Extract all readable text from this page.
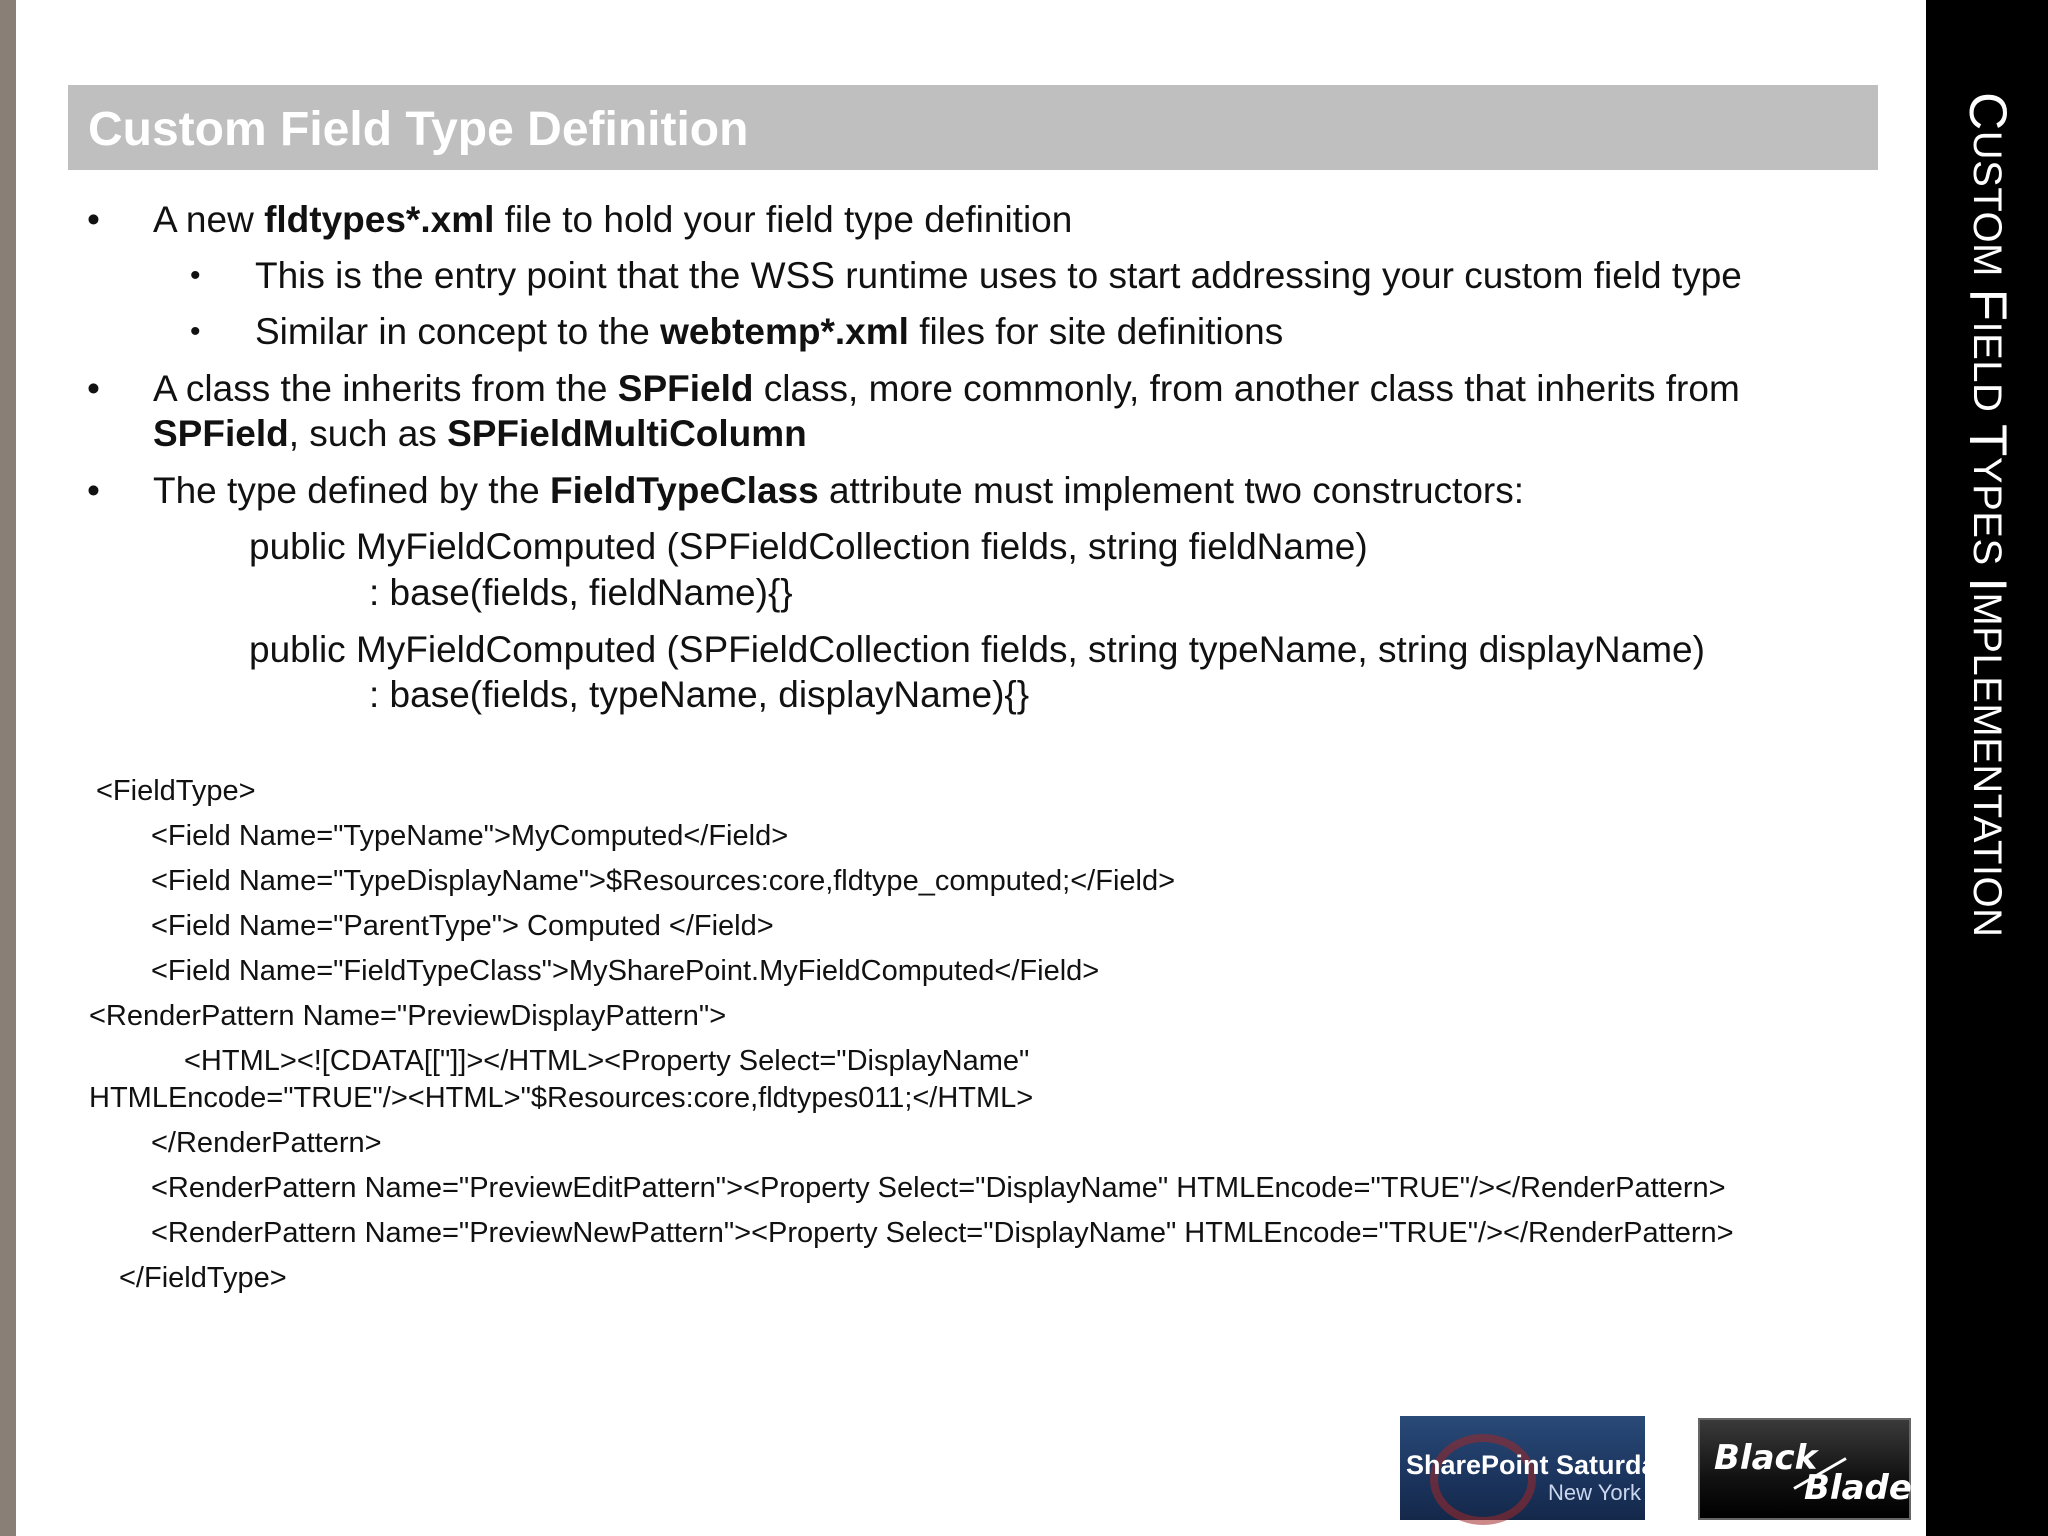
Custom Field Type Definition	CUSTOM FIELD TYPES IMPLEMENTATION
• A new fldtypes*.xml file to hold your field type definition
• This is the entry point that the WSS runtime uses to start addressing your custom field type
• Similar in concept to the webtemp*.xml files for site definitions
• A class the inherits from the SPField class, more commonly, from another class that inherits from
SPField, such as SPFieldMultiColumn
• The type defined by the FieldTypeClass attribute must implement two constructors:
public MyFieldComputed (SPFieldCollection fields, string fieldName)
: base(fields, fieldName){}
public MyFieldComputed (SPFieldCollection fields, string typeName, string displayName)
: base(fields, typeName, displayName){}
<FieldType>
<Field Name="TypeName">MyComputed</Field>
<Field Name="TypeDisplayName">$Resources:core,fldtype_computed;</Field>
<Field Name="ParentType"> Computed </Field>
<Field Name="FieldTypeClass">MySharePoint.MyFieldComputed</Field>
<RenderPattern Name="PreviewDisplayPattern">
<HTML><![CDATA[["]]></HTML><Property Select="DisplayName"
HTMLEncode="TRUE"/><HTML>"$Resources:core,fldtypes011;</HTML>
</RenderPattern>
<RenderPattern Name="PreviewEditPattern"><Property Select="DisplayName" HTMLEncode="TRUE"/></RenderPattern>
<RenderPattern Name="PreviewNewPattern"><Property Select="DisplayName" HTMLEncode="TRUE"/></RenderPattern>
</FieldType>
SharePoint Saturday
New York
Black
Blade
